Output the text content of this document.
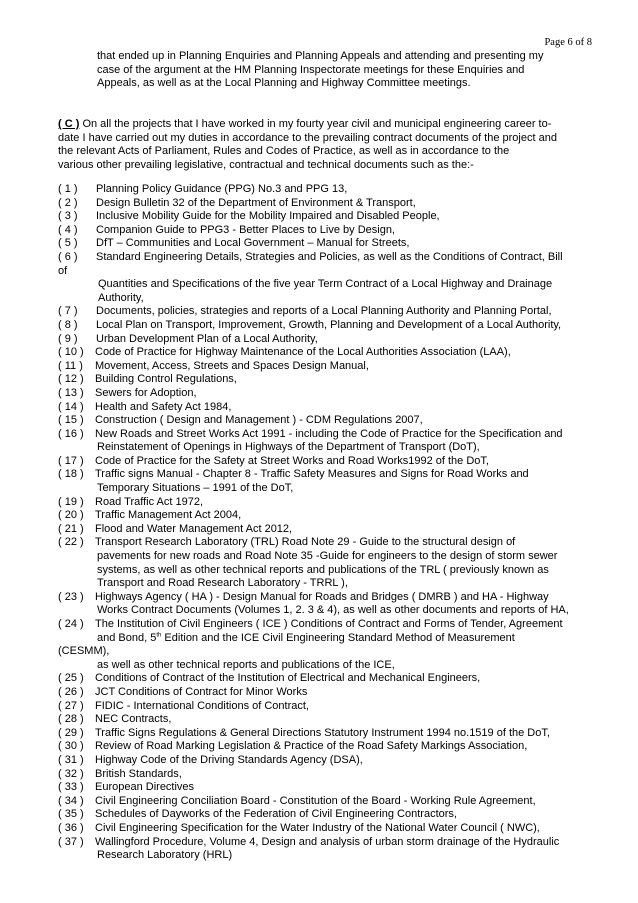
Page 6 of 8
that ended up in Planning Enquiries and Planning Appeals and attending and presenting my
case of the argument at the HM Planning Inspectorate meetings for these Enquiries and
Appeals, as well as at the Local Planning and Highway Committee meetings.
( C ) On all the projects that I have worked in my fourty year civil and municipal engineering career to-
date I have carried out my duties in accordance to the prevailing contract documents of the project and
the relevant Acts of Parliament, Rules and Codes of Practice, as well as in accordance to the
various other prevailing legislative, contractual and technical documents such as the:-
( 1 ) Planning Policy Guidance (PPG) No.3 and PPG 13,
( 2 ) Design Bulletin 32 of the Department of Environment & Transport,
( 3 ) Inclusive Mobility Guide for the Mobility Impaired and Disabled People,
( 4 ) Companion Guide to PPG3 - Better Places to Live by Design,
( 5 ) DfT – Communities and Local Government – Manual for Streets,
( 6 ) Standard Engineering Details, Strategies and Policies, as well as the Conditions of Contract, Bill
of
Quantities and Specifications of the five year Term Contract of a Local Highway and Drainage
Authority,
( 7 ) Documents, policies, strategies and reports of a Local Planning Authority and Planning Portal,
( 8 ) Local Plan on Transport, Improvement, Growth, Planning and Development of a Local Authority,
( 9 ) Urban Development Plan of a Local Authority,
( 10 ) Code of Practice for Highway Maintenance of the Local Authorities Association (LAA),
( 11 ) Movement, Access, Streets and Spaces Design Manual,
( 12 ) Building Control Regulations,
( 13 ) Sewers for Adoption,
( 14 ) Health and Safety Act 1984,
( 15 ) Construction ( Design and Management ) - CDM Regulations 2007,
( 16 ) New Roads and Street Works Act 1991 - including the Code of Practice for the Specification and
Reinstatement of Openings in Highways of the Department of Transport (DoT),
( 17 ) Code of Practice for the Safety at Street Works and Road Works1992 of the DoT,
( 18 ) Traffic signs Manual - Chapter 8 - Traffic Safety Measures and Signs for Road Works and
Temporary Situations – 1991 of the DoT,
( 19 ) Road Traffic Act 1972,
( 20 ) Traffic Management Act 2004,
( 21 ) Flood and Water Management Act 2012,
( 22 ) Transport Research Laboratory (TRL) Road Note 29 - Guide to the structural design of
pavements for new roads and Road Note 35 -Guide for engineers to the design of storm sewer
systems, as well as other technical reports and publications of the TRL ( previously known as
Transport and Road Research Laboratory - TRRL ),
( 23 ) Highways Agency ( HA ) - Design Manual for Roads and Bridges ( DMRB ) and HA - Highway
Works Contract Documents (Volumes 1, 2. 3 & 4), as well as other documents and reports of HA,
( 24 ) The Institution of Civil Engineers ( ICE ) Conditions of Contract and Forms of Tender, Agreement
and Bond, 5th Edition and the ICE Civil Engineering Standard Method of Measurement
(CESMM),
as well as other technical reports and publications of the ICE,
( 25 ) Conditions of Contract of the Institution of Electrical and Mechanical Engineers,
( 26 ) JCT Conditions of Contract for Minor Works
( 27 ) FIDIC - International Conditions of Contract,
( 28 ) NEC Contracts,
( 29 ) Traffic Signs Regulations & General Directions Statutory Instrument 1994 no.1519 of the DoT,
( 30 ) Review of Road Marking Legislation & Practice of the Road Safety Markings Association,
( 31 ) Highway Code of the Driving Standards Agency (DSA),
( 32 ) British Standards,
( 33 ) European Directives
( 34 ) Civil Engineering Conciliation Board - Constitution of the Board - Working Rule Agreement,
( 35 ) Schedules of Dayworks of the Federation of Civil Engineering Contractors,
( 36 ) Civil Engineering Specification for the Water Industry of the National Water Council ( NWC),
( 37 ) Wallingford Procedure, Volume 4, Design and analysis of urban storm drainage of the Hydraulic
Research Laboratory (HRL)
